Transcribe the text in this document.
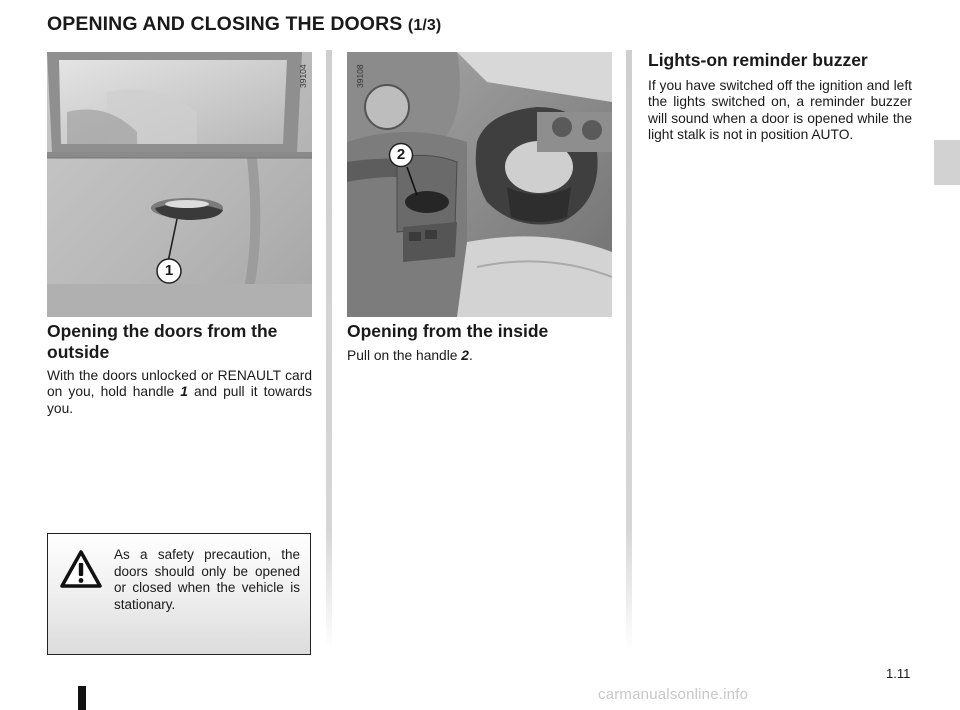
OPENING AND CLOSING THE DOORS (1/3)
39104
1
39108
2
Opening the doors from the outside

With the doors unlocked or RENAULT card on you, hold handle 1 and pull it towards you.

Opening from the inside

Pull on the handle 2.

Lights-on reminder buzzer

If you have switched off the ignition and left the lights switched on, a reminder buzzer will sound when a door is opened while the light stalk is not in position AUTO.

As a safety precaution, the doors should only be opened or closed when the vehicle is stationary.

1.11
carmanualsonline.info
